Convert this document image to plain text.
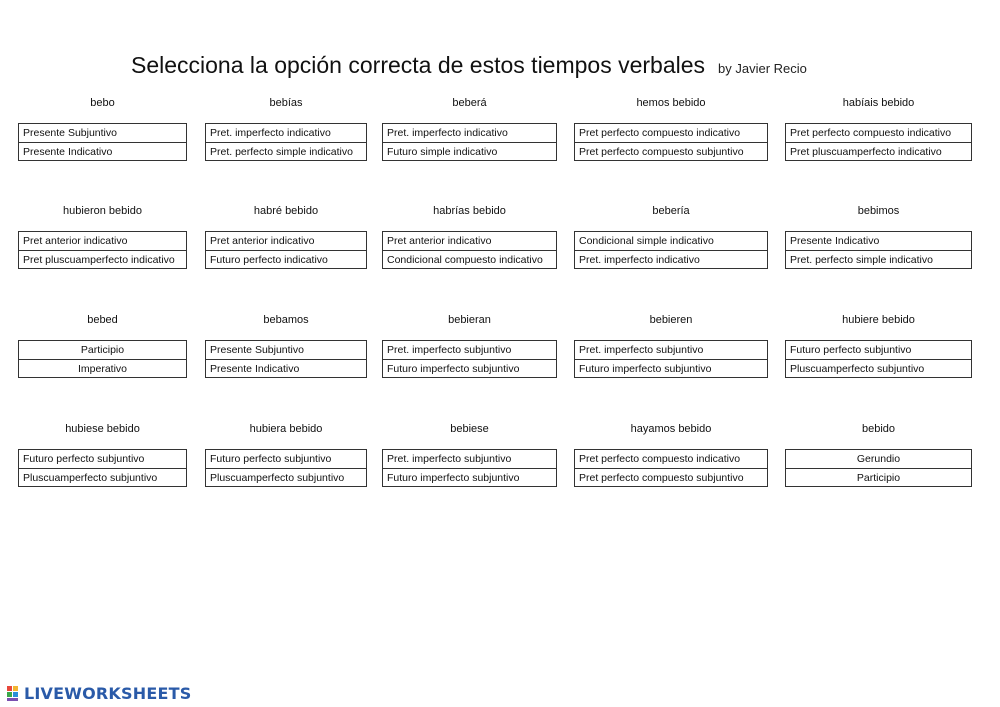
Selecciona la opción correcta de estos tiempos verbales by Javier Recio
bebo
Presente Subjuntivo
Presente Indicativo
bebías
Pret. imperfecto indicativo
Pret. perfecto simple indicativo
beberá
Pret. imperfecto indicativo
Futuro simple indicativo
hemos bebido
Pret perfecto compuesto indicativo
Pret perfecto compuesto subjuntivo
habíais bebido
Pret perfecto compuesto indicativo
Pret pluscuamperfecto indicativo
hubieron bebido
Pret anterior indicativo
Pret pluscuamperfecto indicativo
habré bebido
Pret anterior indicativo
Futuro perfecto indicativo
habrías bebido
Pret anterior indicativo
Condicional compuesto indicativo
bebería
Condicional simple indicativo
Pret. imperfecto indicativo
bebimos
Presente Indicativo
Pret. perfecto simple indicativo
bebed
Participio
Imperativo
bebamos
Presente Subjuntivo
Presente Indicativo
bebieran
Pret. imperfecto subjuntivo
Futuro imperfecto subjuntivo
bebieren
Pret. imperfecto subjuntivo
Futuro imperfecto subjuntivo
hubiere bebido
Futuro perfecto subjuntivo
Pluscuamperfecto subjuntivo
hubiese bebido
Futuro perfecto subjuntivo
Pluscuamperfecto subjuntivo
hubiera bebido
Futuro perfecto subjuntivo
Pluscuamperfecto subjuntivo
bebiese
Pret. imperfecto subjuntivo
Futuro imperfecto subjuntivo
hayamos bebido
Pret perfecto compuesto indicativo
Pret perfecto compuesto subjuntivo
bebido
Gerundio
Participio
LIVEWORKSHEETS
